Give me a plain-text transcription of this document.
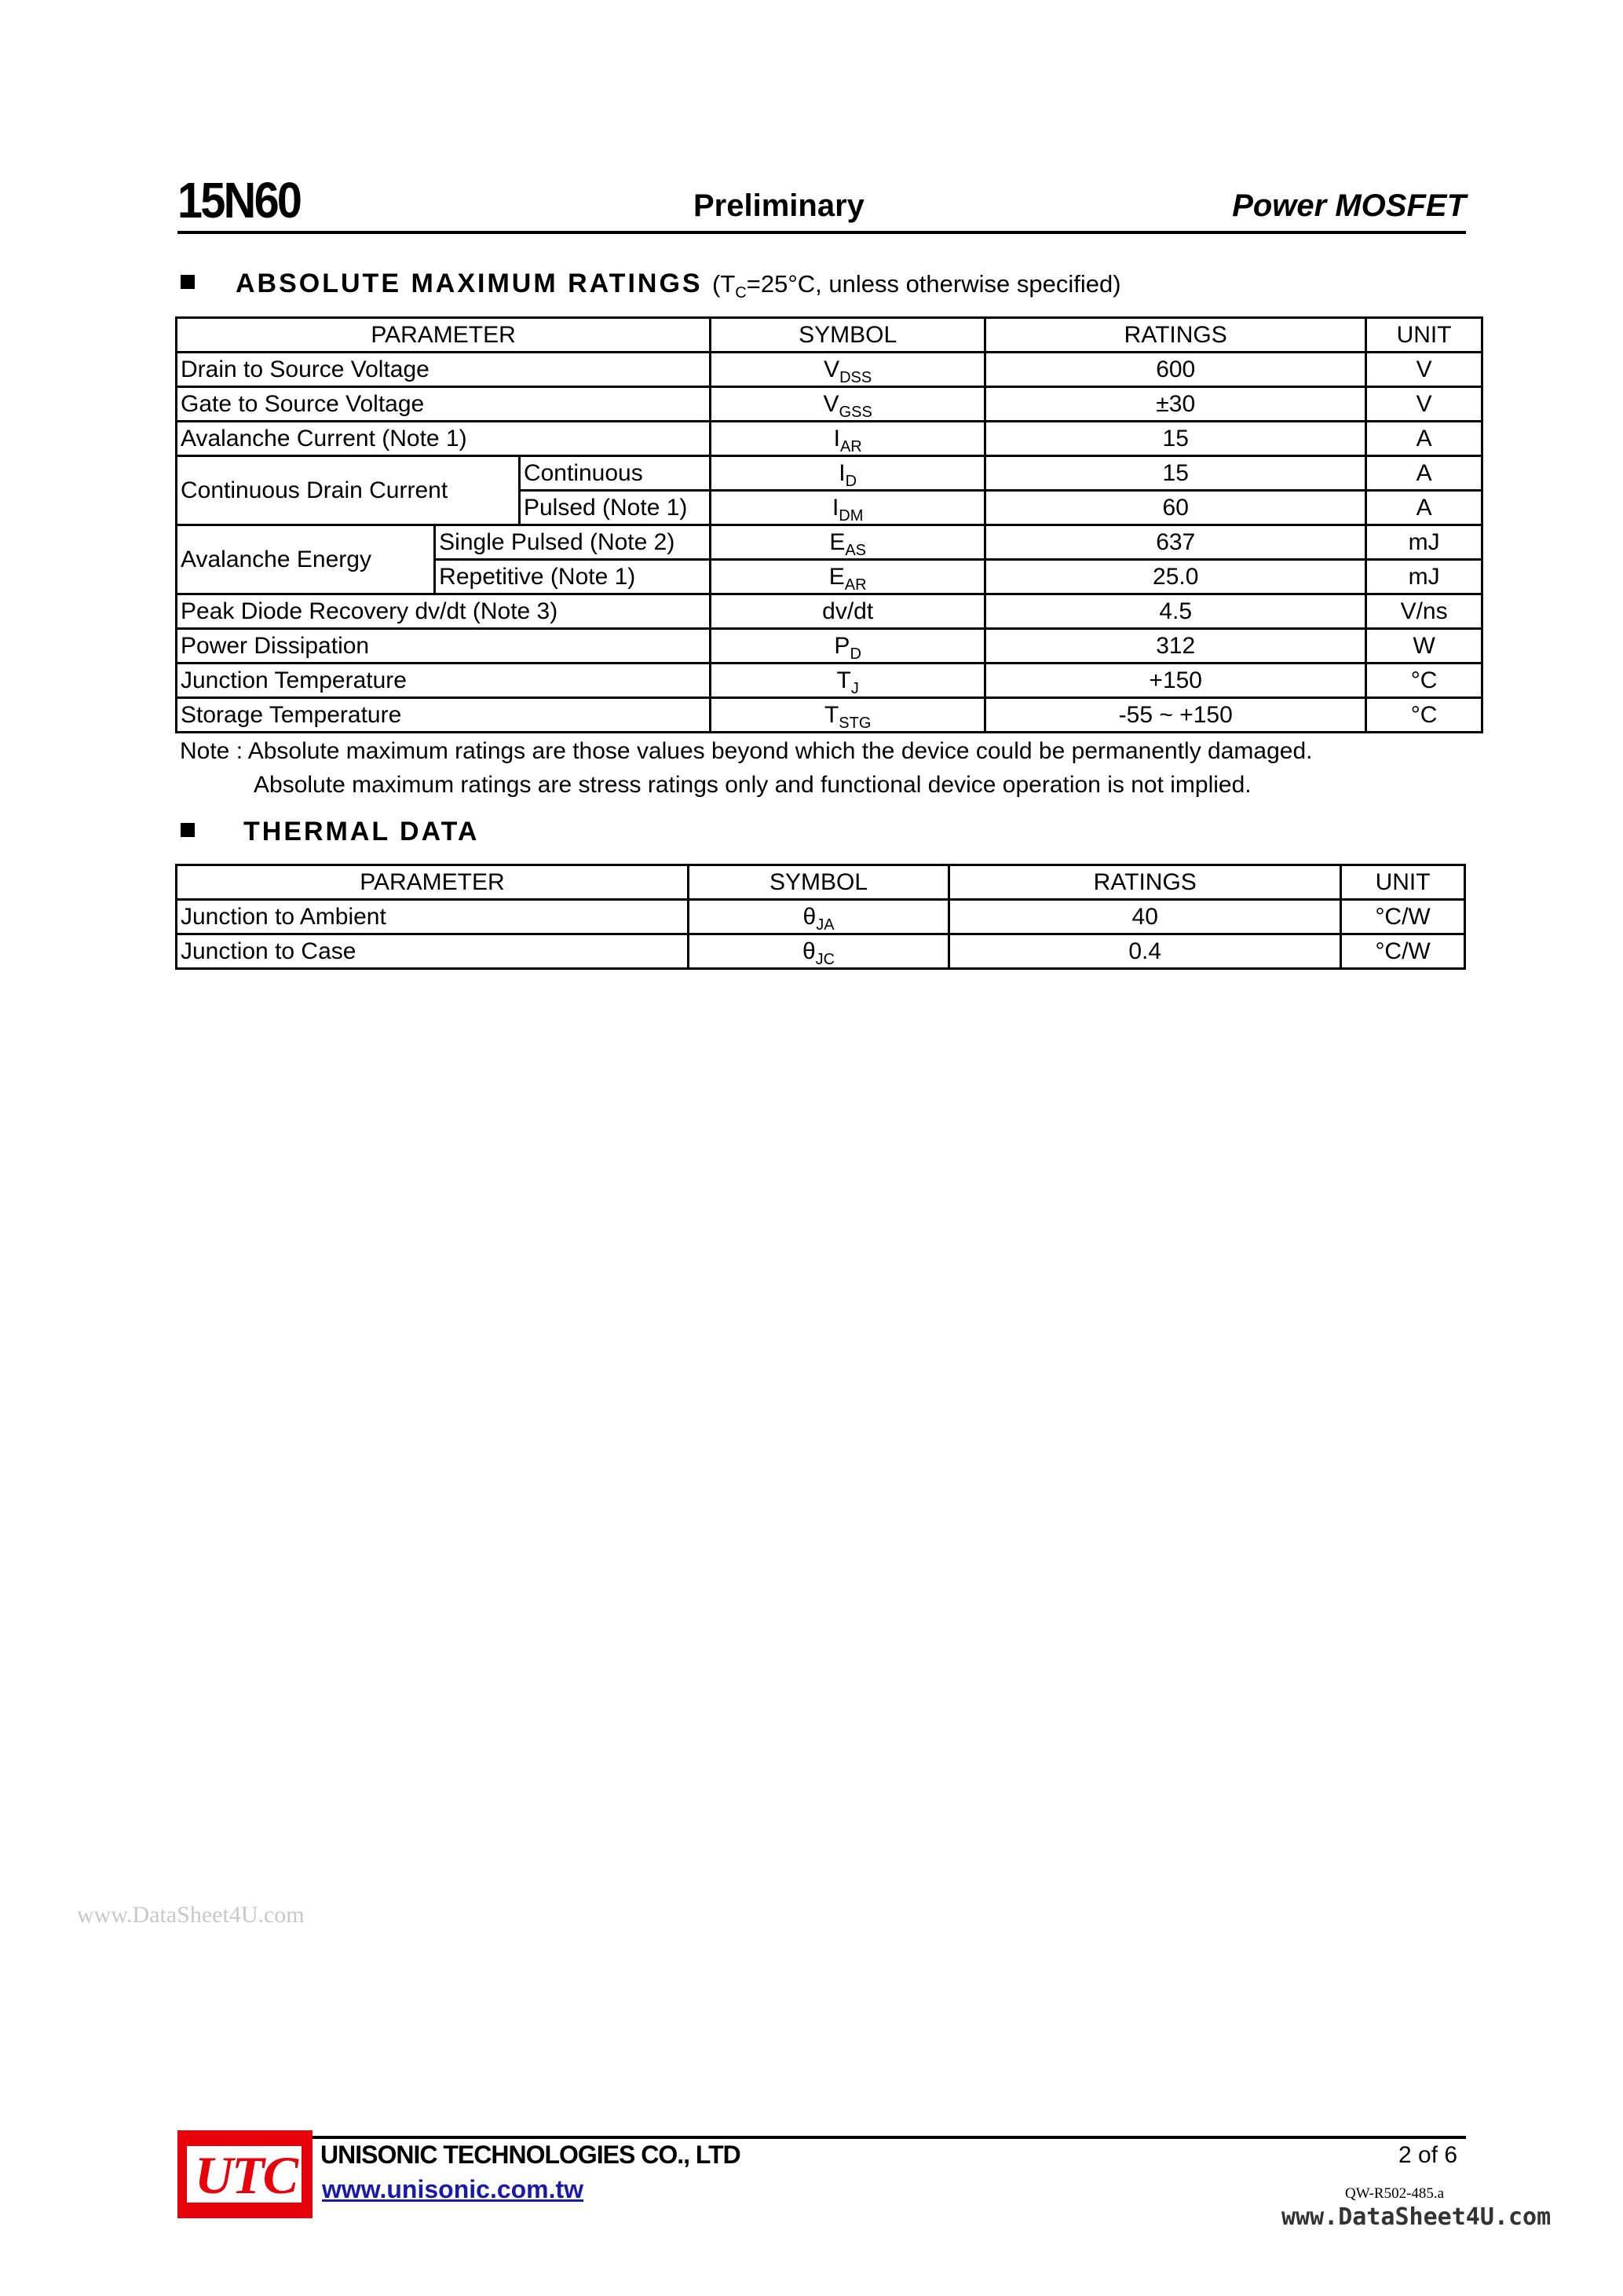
15N60	Preliminary	Power MOSFET
ABSOLUTE MAXIMUM RATINGS ($T_C=25^\circ C$, unless otherwise specified)
PARAMETER			SYMBOL	RATINGS	UNIT
Drain to Source Voltage			$V_{DSS}$	600	V
Gate to Source Voltage			$V_{GSS}$	±30	V
Avalanche Current (Note 1)			$I_{AR}$	15	A
Continuous Drain Current		Continuous	$I_D$	15	A
		Pulsed (Note 1)	$I_{DM}$	60	A
Avalanche Energy	Single Pulsed (Note 2)		$E_{AS}$	637	mJ
	Repetitive (Note 1)		$E_{AR}$	25.0	mJ
Peak Diode Recovery dv/dt (Note 3)			dv/dt	4.5	V/ns
Power Dissipation			$P_D$	312	W
Junction Temperature			$T_J$	+150	°C
Storage Temperature			$T_{STG}$	-55 ~ +150	°C
Note : Absolute maximum ratings are those values beyond which the device could be permanently damaged.
Absolute maximum ratings are stress ratings only and functional device operation is not implied.
THERMAL DATA
PARAMETER	SYMBOL	RATINGS	UNIT
Junction to Ambient	$\theta_{JA}$	40	°C/W
Junction to Case	$\theta_{JC}$	0.4	°C/W
www.DataSheet4U.com
UTC UNISONIC TECHNOLOGIES CO., LTD
www.unisonic.com.tw
2 of 6
QW-R502-485.a
www.DataSheet4U.com
